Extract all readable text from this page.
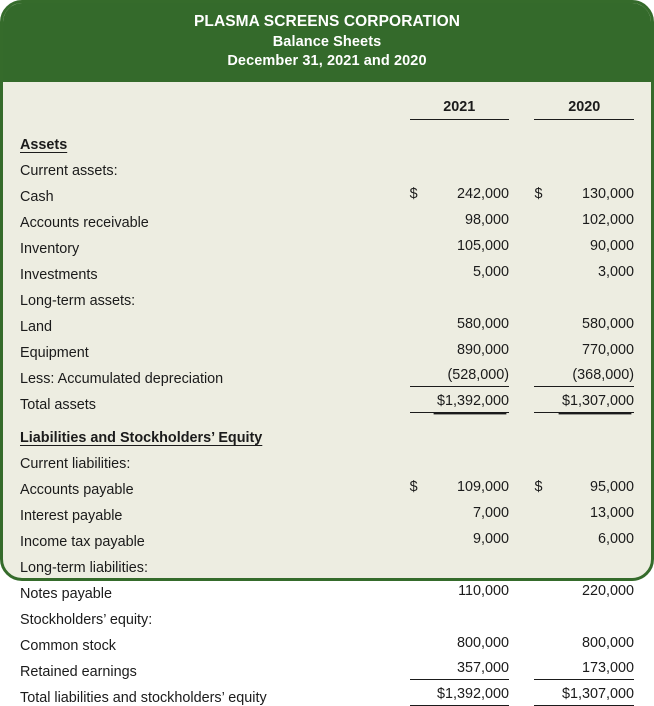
PLASMA SCREENS CORPORATION
Balance Sheets
December 31, 2021 and 2020

	2021			2020	

Assets					
Current assets:					
Cash	$	242,000		$	130,000

Accounts receivable		98,000			102,000

Inventory		105,000			90,000

Investments		5,000			3,000

Long-term assets:					
Land		580,000			580,000

Equipment		890,000			770,000

Less: Accumulated depreciation		(528,000)			(368,000)

Total assets		$1,392,000			$1,307,000

Liabilities and Stockholders’ Equity					
Current liabilities:					
Accounts payable	$	109,000		$	95,000

Interest payable		7,000			13,000

Income tax payable		9,000			6,000

Long-term liabilities:					
Notes payable		110,000			220,000

Stockholders’ equity:					
Common stock		800,000			800,000

Retained earnings		357,000			173,000

Total liabilities and stockholders’ equity		$1,392,000			$1,307,000
